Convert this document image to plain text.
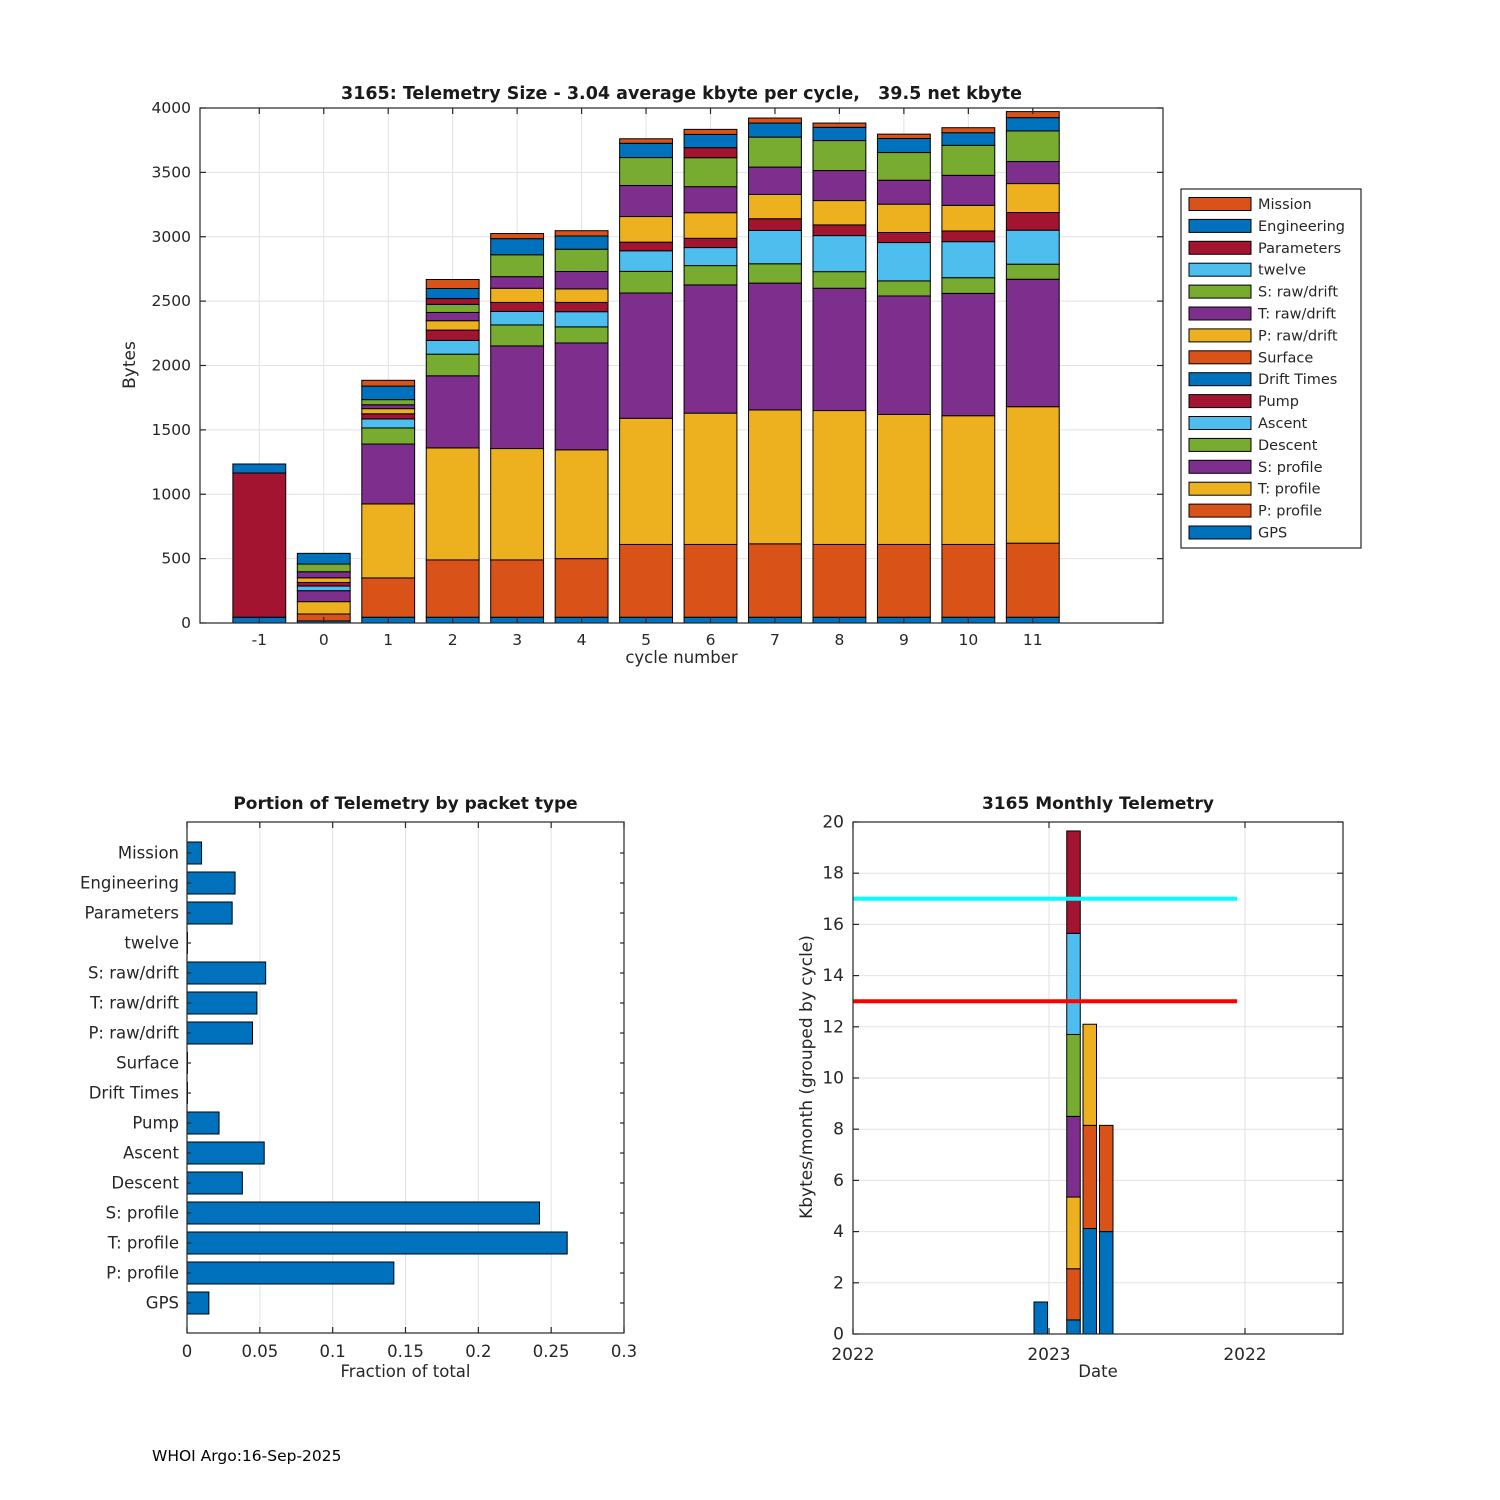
-1	0	1	2	3	4	5	6	7	8	9	10	11
0
500
1000
1500
2000
2500
3000
3500
4000
Mission
Engineering
Parameters
twelve
S: raw/drift
T: raw/drift
P: raw/drift
Surface
Drift Times
Pump
Ascent
Descent
S: profile
T: profile
P: profile
GPS
0	0.05	0.1	0.15	0.2	0.25	0.3
Mission
Engineering
Parameters
twelve
S: raw/drift
T: raw/drift
P: raw/drift
Surface
Drift Times
Pump
Ascent
Descent
S: profile
T: profile
P: profile
GPS
2022	2023	2022
0
2
4
6
8
10
12
14
16
18
20
3165: Telemetry Size - 3.04 average kbyte per cycle,   39.5 net kbyte
cycle number
Bytes
Portion of Telemetry by packet type
Fraction of total
3165 Monthly Telemetry
Date
Kbytes/month (grouped by cycle)
WHOI Argo:16-Sep-2025
